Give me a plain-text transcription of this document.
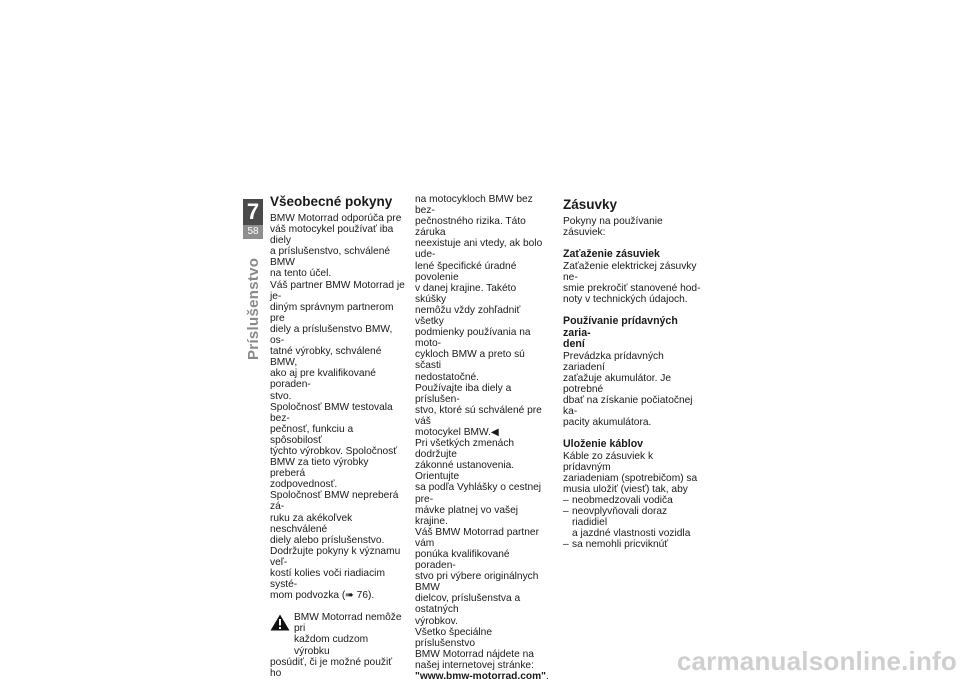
7
58
Príslušenstvo
Všeobecné pokyny

BMW Motorrad odporúča pre

váš motocykel používať iba diely

a príslušenstvo, schválené BMW

na tento účel.

Váš partner BMW Motorrad je je-

diným správnym partnerom pre

diely a príslušenstvo BMW, os-

tatné výrobky, schválené BMW,

ako aj pre kvalifikované poraden-

stvo.

Spoločnosť BMW testovala bez-

pečnosť, funkciu a spôsobilosť

týchto výrobkov. Spoločnosť

BMW za tieto výrobky preberá

zodpovednosť.

Spoločnosť BMW nepreberá zá-

ruku za akékoľvek neschválené

diely alebo príslušenstvo.

Dodržujte pokyny k významu veľ-

kostí kolies voči riadiacim systé-

mom podvozka (➠ 76).

BMW Motorrad nemôže pri

každom cudzom výrobku

posúdiť, či je možné použiť ho

na motocykloch BMW bez bez-

pečnostného rizika. Táto záruka

neexistuje ani vtedy, ak bolo ude-

lené špecifické úradné povolenie

v danej krajine. Takéto skúšky

nemôžu vždy zohľadniť všetky

podmienky používania na moto-

cykloch BMW a preto sú sčasti

nedostatočné.

Používajte iba diely a príslušen-

stvo, ktoré sú schválené pre váš

motocykel BMW.◀

Pri všetkých zmenách dodržujte

zákonné ustanovenia. Orientujte

sa podľa Vyhlášky o cestnej pre-

mávke platnej vo vašej krajine.

Váš BMW Motorrad partner vám

ponúka kvalifikované poraden-

stvo pri výbere originálnych BMW

dielcov, príslušenstva a ostatných

výrobkov.

Všetko špeciálne príslušenstvo

BMW Motorrad nájdete na

našej internetovej stránke:

"www.bmw-motorrad.com".

Zásuvky

Pokyny na používanie zásuviek:

Zaťaženie zásuviek

Zaťaženie elektrickej zásuvky ne-

smie prekročiť stanovené hod-

noty v technických údajoch.

Používanie prídavných zaria-

dení

Prevádzka prídavných zariadení

zaťažuje akumulátor. Je potrebné

dbať na získanie počiatočnej ka-

pacity akumulátora.

Uloženie káblov

Káble zo zásuviek k prídavným

zariadeniam (spotrebičom) sa

musia uložiť (viesť) tak, aby

– neobmedzovali vodiča
– neovplyvňovali doraz riadidiel
a jazdné vlastnosti vozidla
– sa nemohli pricviknúť
carmanualsonline.info
